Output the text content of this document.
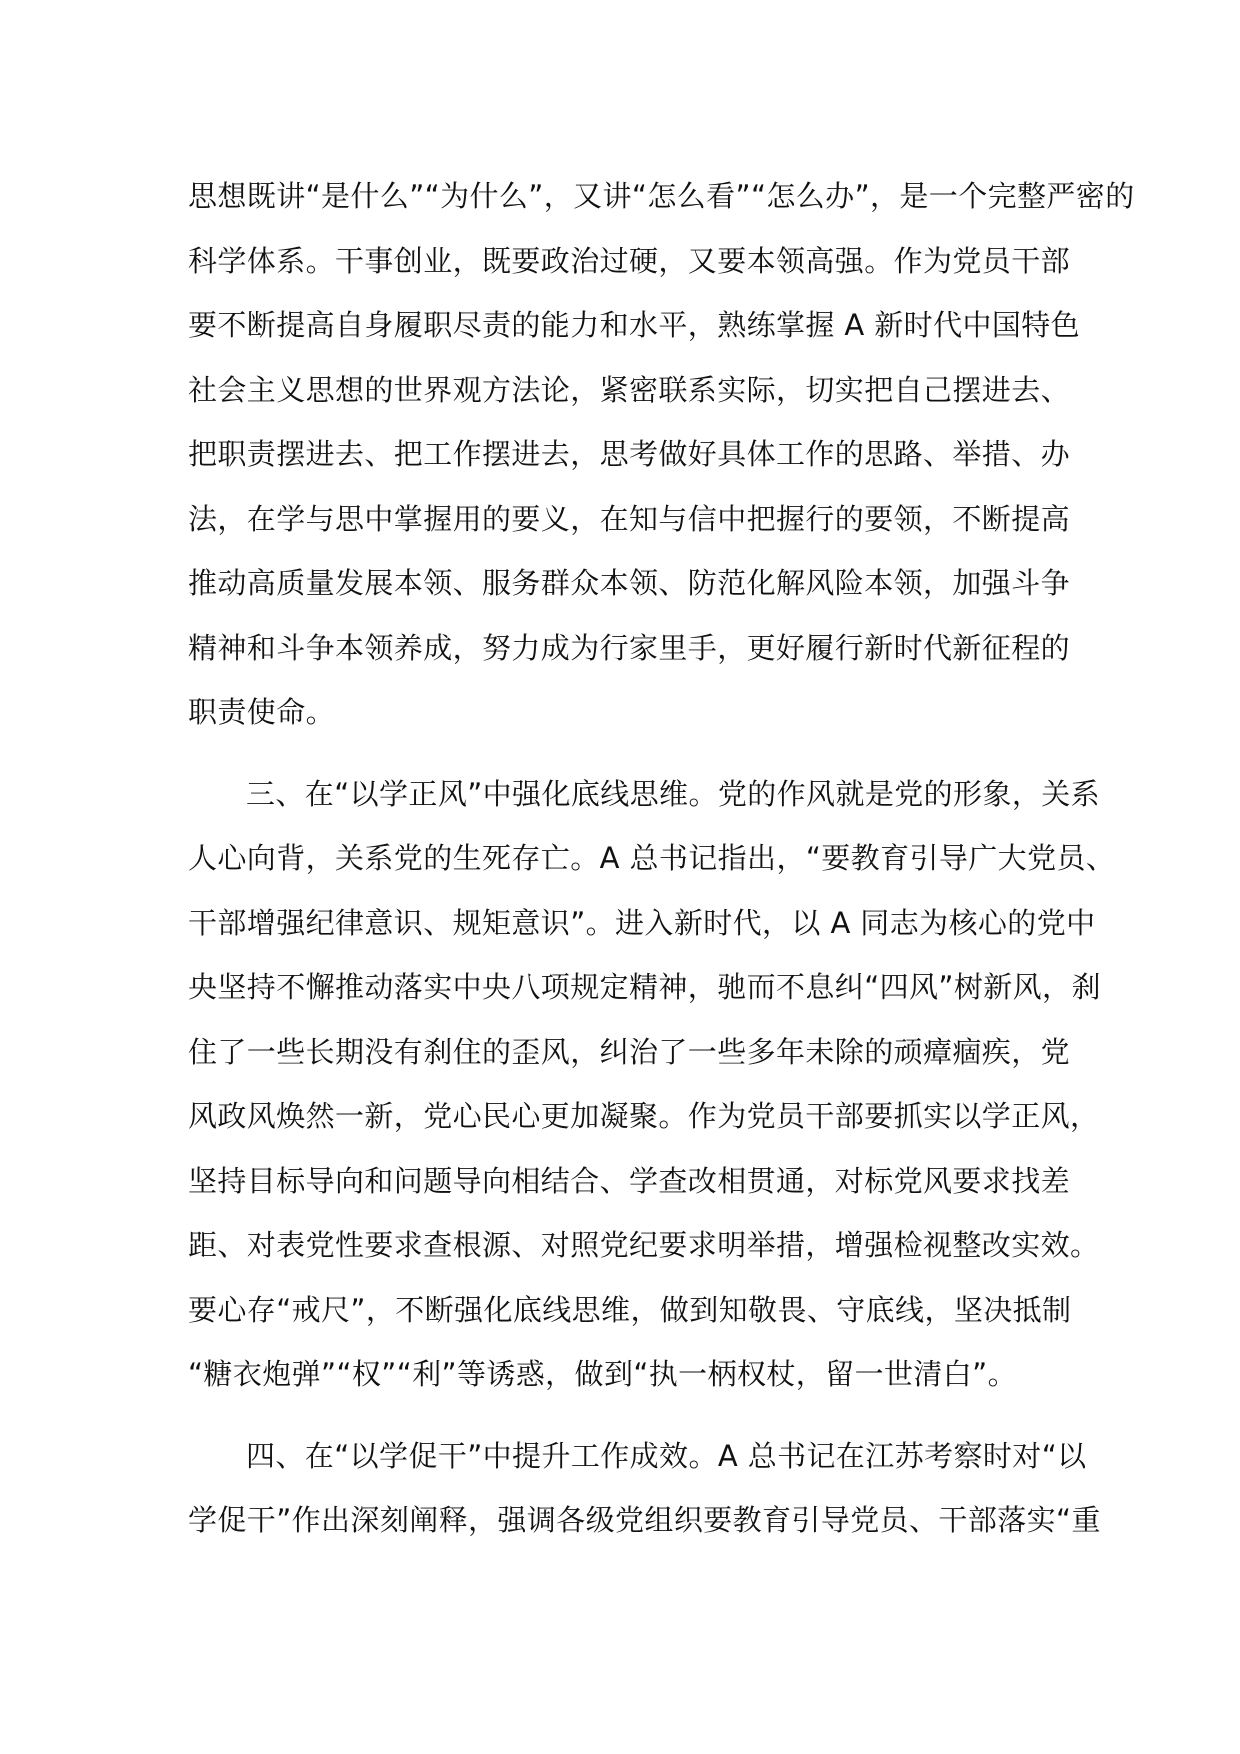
思想既讲“是什么”“为什么”，又讲“怎么看”“怎么办”，是一个完整严密的
科学体系。干事创业，既要政治过硬，又要本领高强。作为党员干部
要不断提高自身履职尽责的能力和水平，熟练掌握 A 新时代中国特色
社会主义思想的世界观方法论，紧密联系实际，切实把自己摆进去、
把职责摆进去、把工作摆进去，思考做好具体工作的思路、举措、办
法，在学与思中掌握用的要义，在知与信中把握行的要领，不断提高
推动高质量发展本领、服务群众本领、防范化解风险本领，加强斗争
精神和斗争本领养成，努力成为行家里手，更好履行新时代新征程的
职责使命。
三、在“以学正风”中强化底线思维。党的作风就是党的形象，关系
人心向背，关系党的生死存亡。A 总书记指出，“要教育引导广大党员、
干部增强纪律意识、规矩意识”。进入新时代，以 A 同志为核心的党中
央坚持不懈推动落实中央八项规定精神，驰而不息纠“四风”树新风，刹
住了一些长期没有刹住的歪风，纠治了一些多年未除的顽瘴痼疾，党
风政风焕然一新，党心民心更加凝聚。作为党员干部要抓实以学正风，
坚持目标导向和问题导向相结合、学查改相贯通，对标党风要求找差
距、对表党性要求查根源、对照党纪要求明举措，增强检视整改实效。
要心存“戒尺”，不断强化底线思维，做到知敬畏、守底线，坚决抵制
“糖衣炮弹”“权”“利”等诱惑，做到“执一柄权杖，留一世清白”。
四、在“以学促干”中提升工作成效。A 总书记在江苏考察时对“以
学促干”作出深刻阐释，强调各级党组织要教育引导党员、干部落实“重
